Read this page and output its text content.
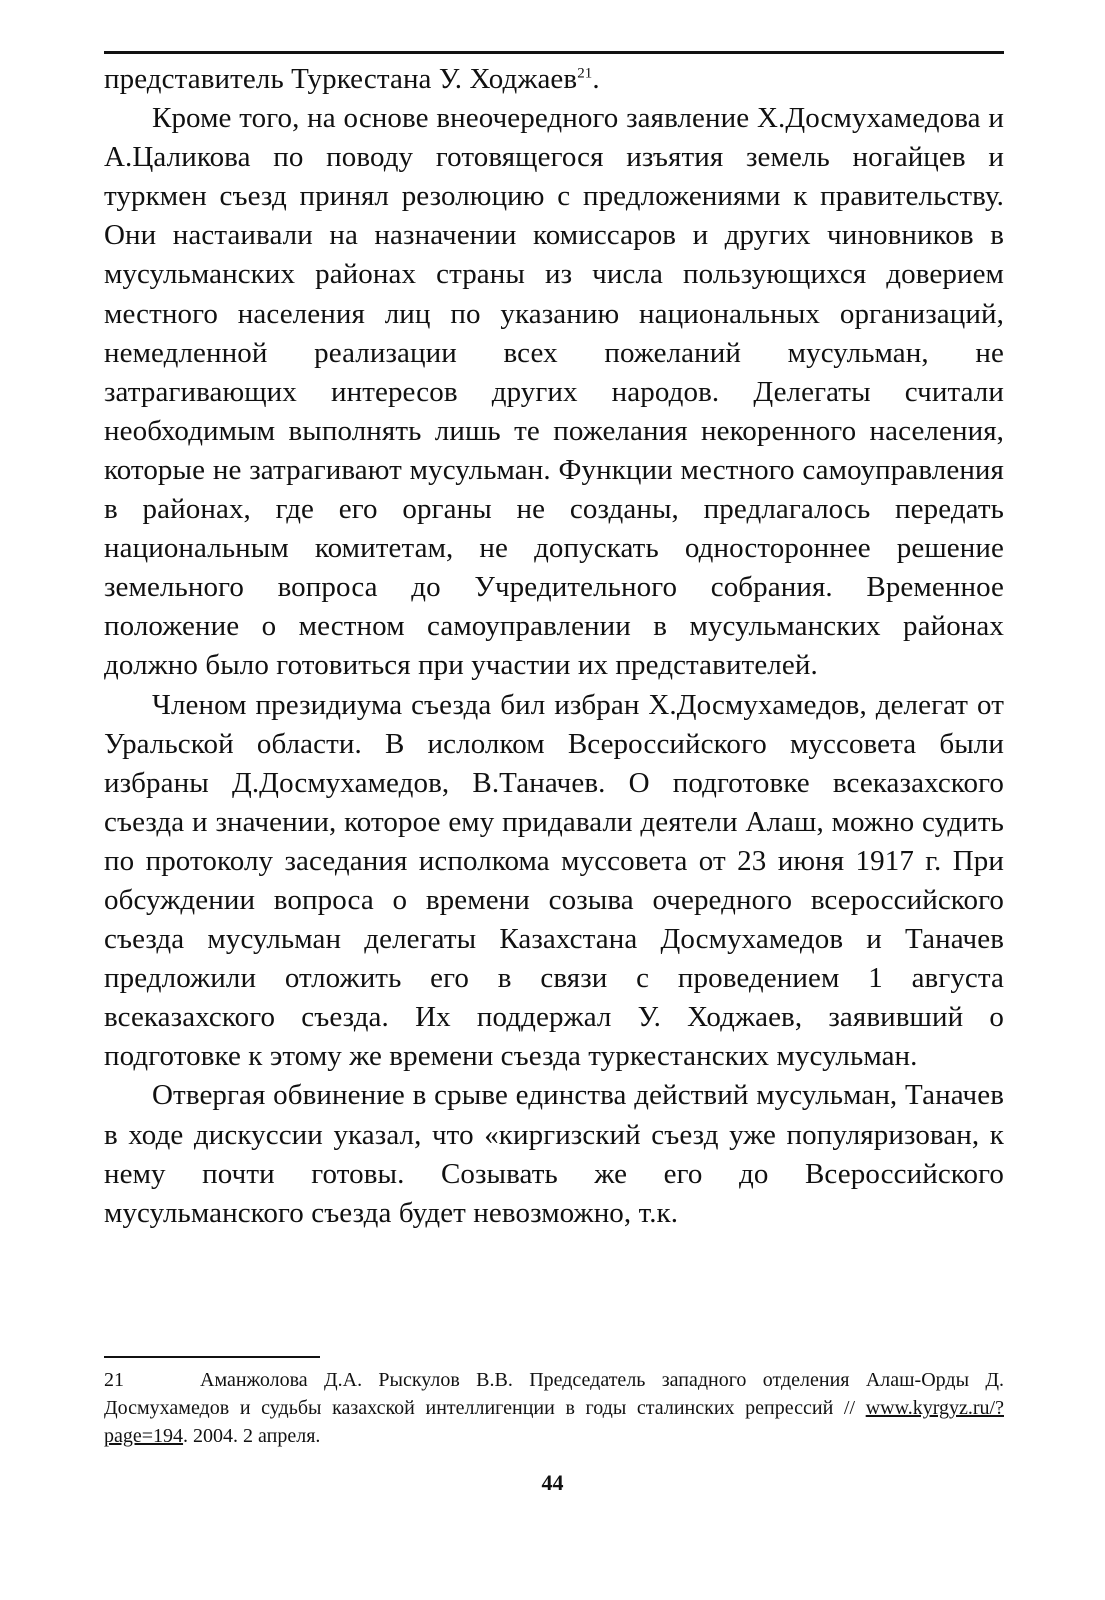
представитель Туркестана У. Ходжаев$^{21}$.

Кроме того, на основе внеочередного заявление Х.Досмухамедова и А.Цаликова по поводу готовящегося изъятия земель ногайцев и туркмен съезд принял резолюцию с предложениями к правительству. Они настаивали на назначении комиссаров и других чиновников в мусульманских районах страны из числа пользующихся доверием местного населения лиц по указанию национальных организаций, немедленной реализации всех пожеланий мусульман, не затрагивающих интересов других народов. Делегаты считали необходимым выполнять лишь те пожелания некоренного населения, которые не затрагивают мусульман. Функции местного самоуправления в районах, где его органы не созданы, предлагалось передать национальным комитетам, не допускать одностороннее решение земельного вопроса до Учредительного собрания. Временное положение о местном самоуправлении в мусульманских районах должно было готовиться при участии их представителей.

Членом президиума съезда бил избран Х.Досмухамедов, делегат от Уральской области. В ислолком Всероссийского муссовета были избраны Д.Досмухамедов, В.Таначев. О подготовке всеказахского съезда и значении, которое ему придавали деятели Алаш, можно судить по протоколу заседания исполкома муссовета от 23 июня 1917 г. При обсуждении вопроса о времени созыва очередного всероссийского съезда мусульман делегаты Казахстана Досмухамедов и Таначев предложили отложить его в связи с проведением 1 августа всеказахского съезда. Их поддержал У. Ходжаев, заявивший о подготовке к этому же времени съезда туркестанских мусульман.

Отвергая обвинение в срыве единства действий мусульман, Таначев в ходе дискуссии указал, что «киргизский съезд уже популяризован, к нему почти готовы. Созывать же его до Всероссийского мусульманского съезда будет невозможно, т.к.

21	Аманжолова Д.А. Рыскулов В.В. Председатель западного отделения Алаш-Орды Д. Досмухамедов и судьбы казахской интеллигенции в годы сталинских репрессий // www.kyrgyz.ru/?page=194. 2004. 2 апреля.
44
